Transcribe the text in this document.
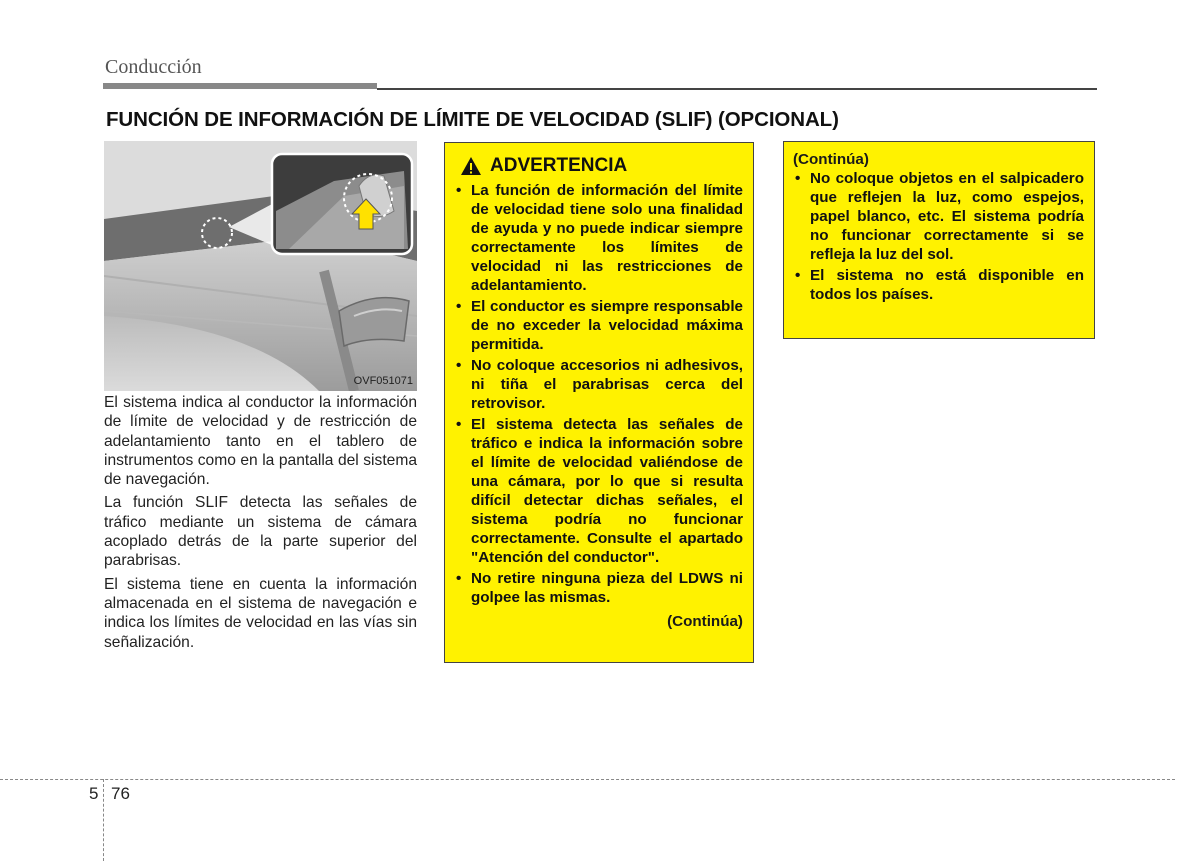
Conducción
FUNCIÓN DE INFORMACIÓN DE LÍMITE DE VELOCIDAD (SLIF) (OPCIONAL)
OVF051071

El sistema indica al conductor la información de límite de velocidad y de restricción de adelantamiento tanto en el tablero de instrumentos como en la pantalla del sistema de navegación.

La función SLIF detecta las señales de tráfico mediante un sistema de cámara acoplado detrás de la parte superior del parabrisas.

El sistema tiene en cuenta la información almacenada en el sistema de navegación e indica los límites de velocidad en las vías sin señalización.

ADVERTENCIA
• La función de información del límite de velocidad tiene solo una finalidad de ayuda y no puede indicar siempre correctamente los límites de velocidad ni las restricciones de adelantamiento.
• El conductor es siempre responsable de no exceder la velocidad máxima permitida.
• No coloque accesorios ni adhesivos, ni tiña el parabrisas cerca del retrovisor.
• El sistema detecta las señales de tráfico e indica la información sobre el límite de velocidad valiéndose de una cámara, por lo que si resulta difícil detectar dichas señales, el sistema podría no funcionar correctamente. Consulte el apartado "Atención del conductor".
• No retire ninguna pieza del LDWS ni golpee las mismas.
(Continúa)
(Continúa)
• No coloque objetos en el salpicadero que reflejen la luz, como espejos, papel blanco, etc. El sistema podría no funcionar correctamente si se refleja la luz del sol.
• El sistema no está disponible en todos los países.
5 76
